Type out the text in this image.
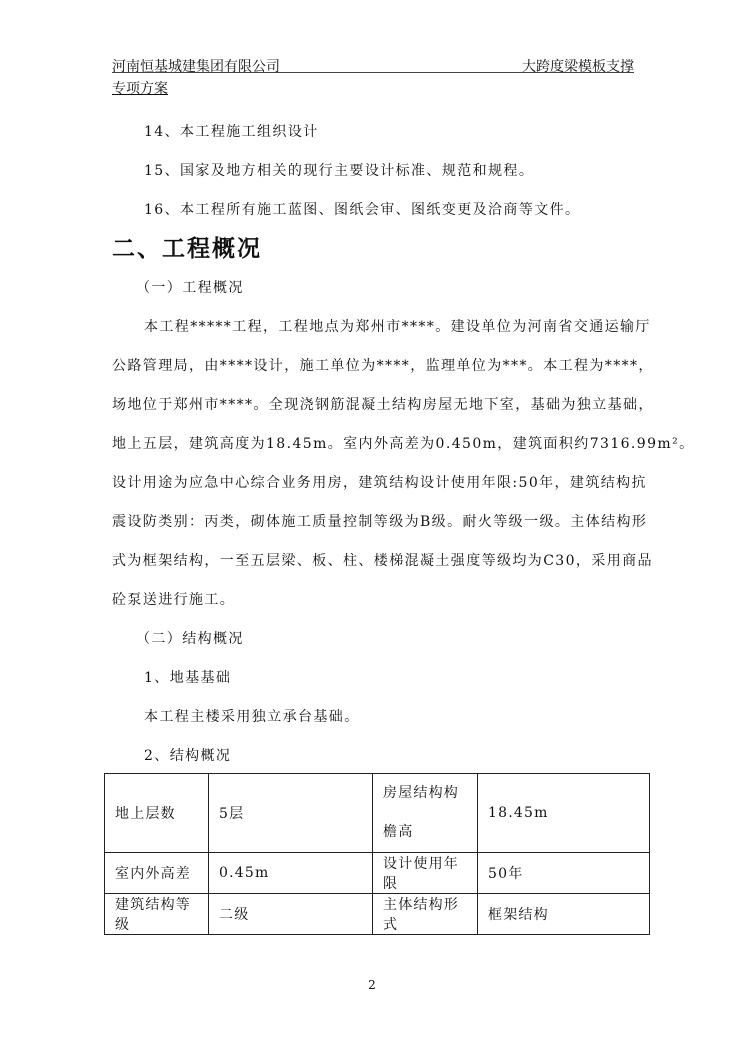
河南恒基城建集团有限公司	大跨度梁模板支撑
专项方案
14、本工程施工组织设计
15、国家及地方相关的现行主要设计标准、规范和规程。
16、本工程所有施工蓝图、图纸会审、图纸变更及洽商等文件。
二、工程概况
（一）工程概况
本工程*****工程，工程地点为郑州市****。建设单位为河南省交通运输厅
公路管理局，由****设计，施工单位为****，监理单位为***。本工程为****，
场地位于郑州市****。全现浇钢筋混凝土结构房屋无地下室，基础为独立基础，
地上五层，建筑高度为18.45m。室内外高差为0.450m，建筑面积约7316.99m²。
设计用途为应急中心综合业务用房，建筑结构设计使用年限:50年，建筑结构抗
震设防类别：丙类，砌体施工质量控制等级为B级。耐火等级一级。主体结构形
式为框架结构，一至五层梁、板、柱、楼梯混凝土强度等级均为C30，采用商品
砼泵送进行施工。
（二）结构概况
1、地基基础
本工程主楼采用独立承台基础。
2、结构概况
地上层数	5层	房屋结构构檐高	18.45m
室内外高差	0.45m	设计使用年限	50年
建筑结构等级	二级	主体结构形式	框架结构
2
